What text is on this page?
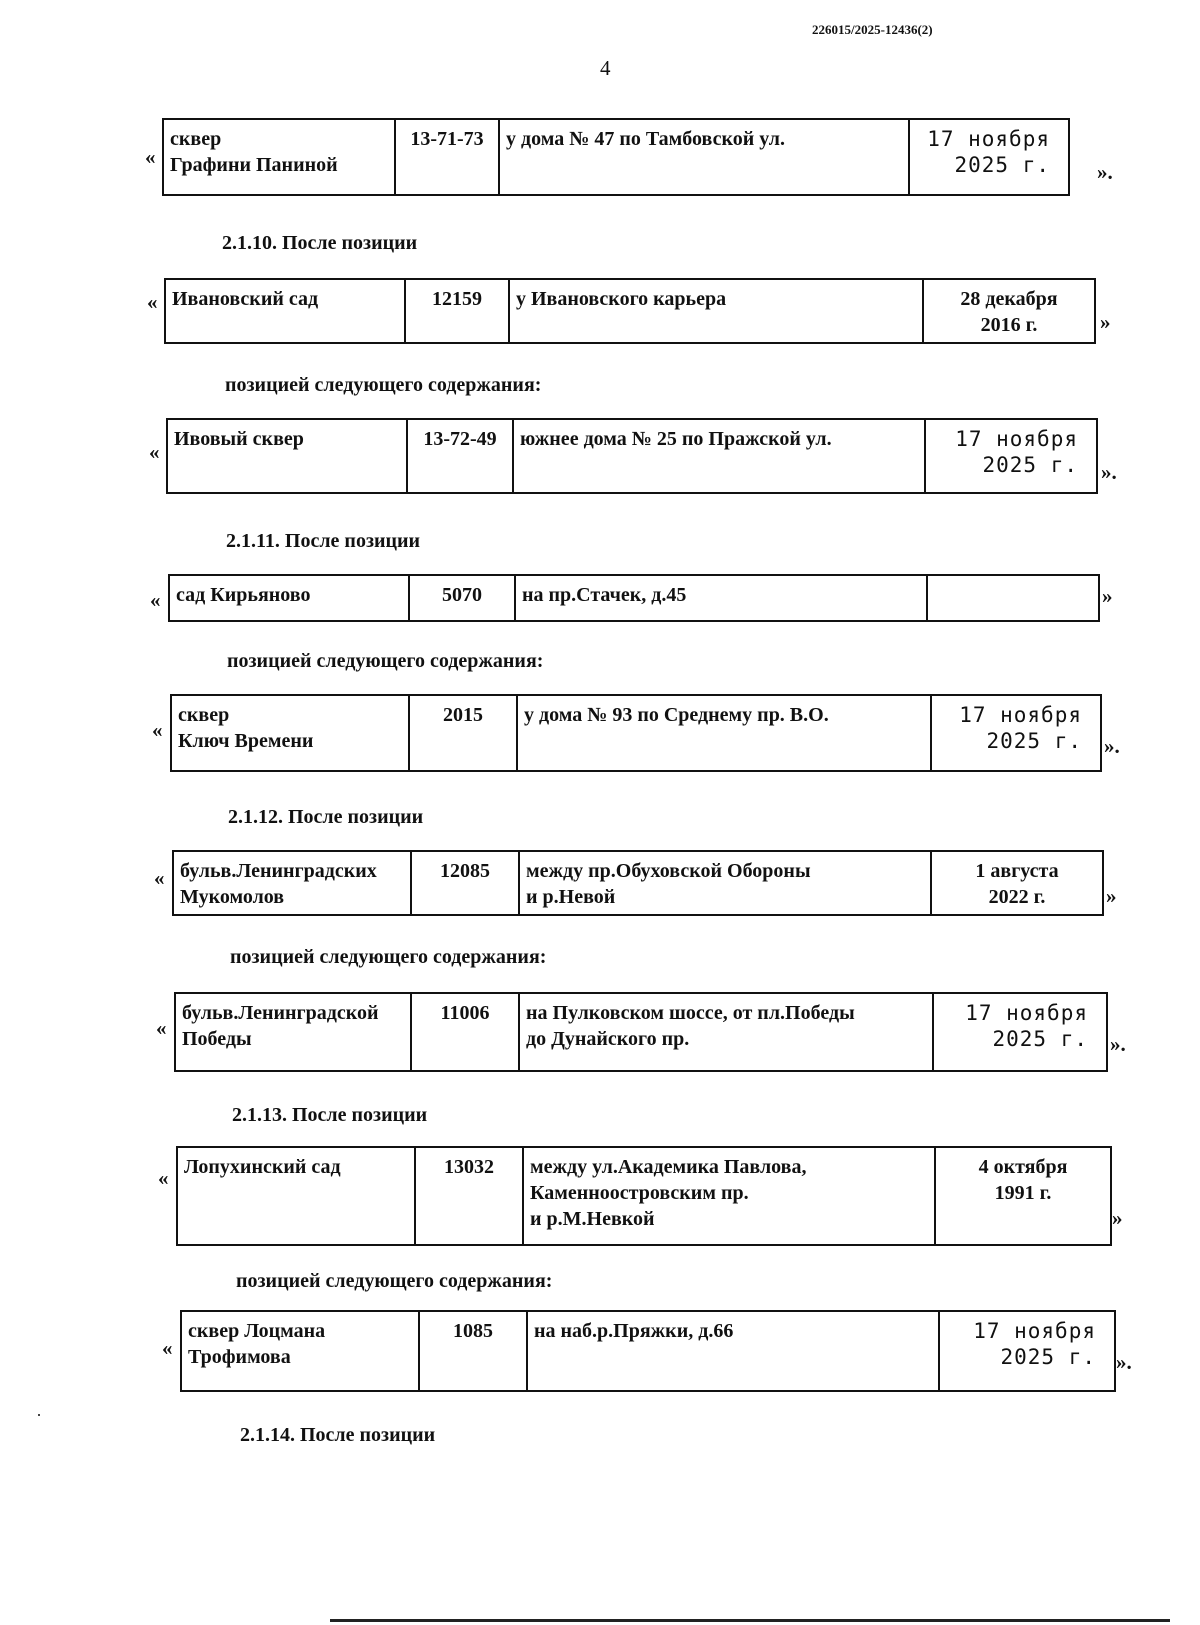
226015/2025-12436(2)
4
«
сквер
Графини Паниной	13-71-73	у дома № 47 по Тамбовской ул.	17 ноября
2025 г. ».
2.1.10. После позиции
« Ивановский сад	12159	у Ивановского карьера	28 декабря
2016 г.	»
позицией следующего содержания:
«
Ивовый сквер	13-72-49	южнее дома № 25 по Пражской ул.	17 ноября
2025 г. ».
2.1.11. После позиции
« сад Кирьяново	5070	на пр.Стачек, д.45		»
позицией следующего содержания:
«
сквер
Ключ Времени	2015	у дома № 93 по Среднему пр. В.О.	17 ноября
2025 г. ».
2.1.12. После позиции
« бульв.Ленинградских
Мукомолов	12085	между пр.Обуховской Обороны
и р.Невой	1 августа
2022 г.	»
позицией следующего содержания:
«
бульв.Ленинградской
Победы	11006	на Пулковском шоссе, от пл.Победы
до Дунайского пр.	17 ноября
2025 г. ».
2.1.13. После позиции
« Лопухинский сад	13032	между ул.Академика Павлова,
Каменноостровским пр.
и р.М.Невкой	4 октября
1991 г.
»
позицией следующего содержания:
«
сквер Лоцмана
Трофимова	1085	на наб.р.Пряжки, д.66	17 ноября
2025 г. ».
2.1.14. После позиции
